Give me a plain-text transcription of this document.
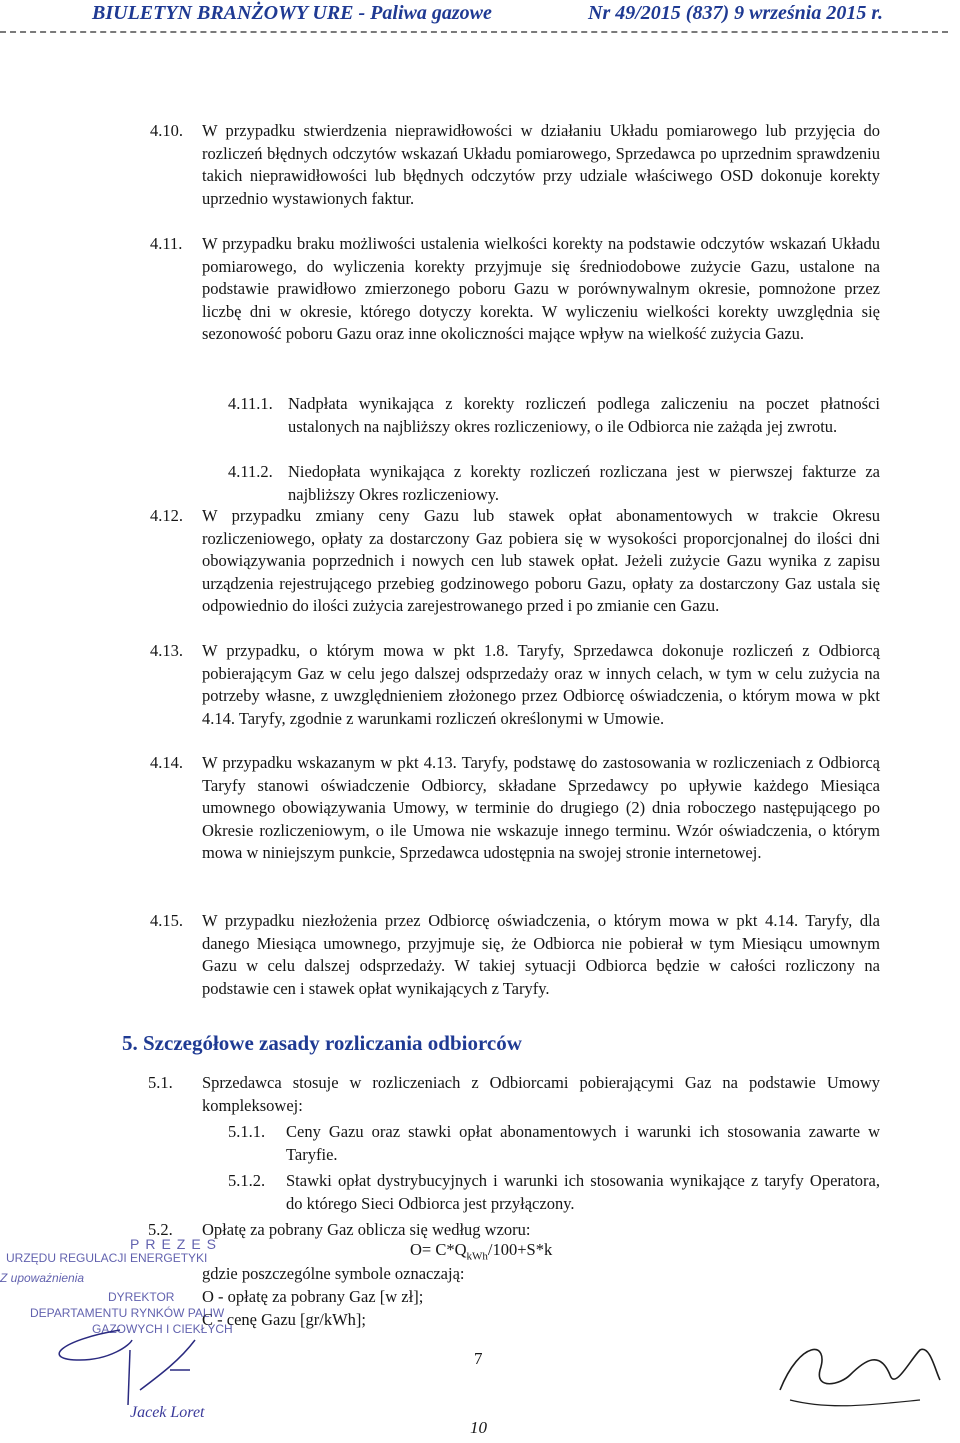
BIULETYN BRANŻOWY URE - Paliwa gazowe	Nr 49/2015 (837) 9 września 2015 r.
4.10. W przypadku stwierdzenia nieprawidłowości w działaniu Układu pomiarowego lub przyjęcia do rozliczeń błędnych odczytów wskazań Układu pomiarowego, Sprzedawca po uprzednim sprawdzeniu takich nieprawidłowości lub błędnych odczytów przy udziale właściwego OSD dokonuje korekty uprzednio wystawionych faktur.
4.11. W przypadku braku możliwości ustalenia wielkości korekty na podstawie odczytów wskazań Układu pomiarowego, do wyliczenia korekty przyjmuje się średniodobowe zużycie Gazu, ustalone na podstawie prawidłowo zmierzonego poboru Gazu w porównywalnym okresie, pomnożone przez liczbę dni w okresie, którego dotyczy korekta. W wyliczeniu wielkości korekty uwzględnia się sezonowość poboru Gazu oraz inne okoliczności mające wpływ na wielkość zużycia Gazu.
4.11.1. Nadpłata wynikająca z korekty rozliczeń podlega zaliczeniu na poczet płatności ustalonych na najbliższy okres rozliczeniowy, o ile Odbiorca nie zażąda jej zwrotu.
4.11.2. Niedopłata wynikająca z korekty rozliczeń rozliczana jest w pierwszej fakturze za najbliższy Okres rozliczeniowy.
4.12. W przypadku zmiany ceny Gazu lub stawek opłat abonamentowych w trakcie Okresu rozliczeniowego, opłaty za dostarczony Gaz pobiera się w wysokości proporcjonalnej do ilości dni obowiązywania poprzednich i nowych cen lub stawek opłat. Jeżeli zużycie Gazu wynika z zapisu urządzenia rejestrującego przebieg godzinowego poboru Gazu, opłaty za dostarczony Gaz ustala się odpowiednio do ilości zużycia zarejestrowanego przed i po zmianie cen Gazu.
4.13. W przypadku, o którym mowa w pkt 1.8. Taryfy, Sprzedawca dokonuje rozliczeń z Odbiorcą pobierającym Gaz w celu jego dalszej odsprzedaży oraz w innych celach, w tym w celu zużycia na potrzeby własne, z uwzględnieniem złożonego przez Odbiorcę oświadczenia, o którym mowa w pkt 4.14. Taryfy, zgodnie z warunkami rozliczeń określonymi w Umowie.
4.14. W przypadku wskazanym w pkt 4.13. Taryfy, podstawę do zastosowania w rozliczeniach z Odbiorcą Taryfy stanowi oświadczenie Odbiorcy, składane Sprzedawcy po upływie każdego Miesiąca umownego obowiązywania Umowy, w terminie do drugiego (2) dnia roboczego następującego po Okresie rozliczeniowym, o ile Umowa nie wskazuje innego terminu. Wzór oświadczenia, o którym mowa w niniejszym punkcie, Sprzedawca udostępnia na swojej stronie internetowej.
4.15. W przypadku niezłożenia przez Odbiorcę oświadczenia, o którym mowa w pkt 4.14. Taryfy, dla danego Miesiąca umownego, przyjmuje się, że Odbiorca nie pobierał w tym Miesiącu umownym Gazu w celu dalszej odsprzedaży. W takiej sytuacji Odbiorca będzie w całości rozliczony na podstawie cen i stawek opłat wynikających z Taryfy.
5. Szczegółowe zasady rozliczania odbiorców
5.1. Sprzedawca stosuje w rozliczeniach z Odbiorcami pobierającymi Gaz na podstawie Umowy kompleksowej:
5.1.1. Ceny Gazu oraz stawki opłat abonamentowych i warunki ich stosowania zawarte w Taryfie.
5.1.2. Stawki opłat dystrybucyjnych i warunki ich stosowania wynikające z taryfy Operatora, do którego Sieci Odbiorca jest przyłączony.
5.2. Opłatę za pobrany Gaz oblicza się według wzoru:
$O= C*Q_{kWh}/100+S*k$
gdzie poszczególne symbole oznaczają:
O - opłatę za pobrany Gaz [w zł];
C - cenę Gazu [gr/kWh];
7
10
PREZES
URZĘDU REGULACJI ENERGETYKI
Z upoważnienia
DYREKTOR
DEPARTAMENTU RYNKÓW PALIW
GAZOWYCH I CIEKŁYCH
Jacek Loret
